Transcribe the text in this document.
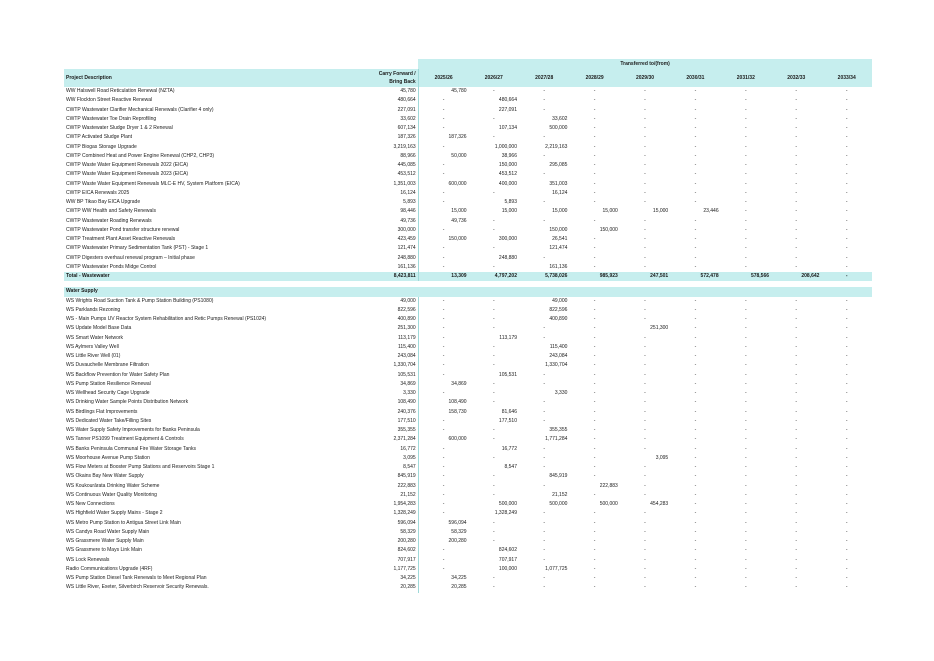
		Transferred to/(from)								
Project Description	Carry Forward / Bring Back	2025/26	2026/27	2027/28	2028/29	2029/30	2030/31	2031/32	2032/33	2033/34
WW Halswell Road Reticulation Renewal (NZTA)	45,780	45,780	-	-	-	-	-	-	-	-
WW Flockton Street Reactive Renewal	480,664	-	480,664	-	-	-	-	-	-	-
CWTP Wastewater Clarifier Mechanical Renewals (Clarifier 4 only)	227,091	-	227,091	-	-	-	-	-	-	-
CWTP Wastewater Toe Drain Reprofiling	33,602	-	-	33,602	-	-	-	-	-	-
CWTP Wastewater Sludge Dryer 1 & 2 Renewal	607,134	-	107,134	500,000	-	-	-	-	-	-
CWTP Activated Sludge Plant	187,326	187,326	-	-	-	-	-	-	-	-
CWTP Biogas Storage Upgrade	3,219,163	-	1,000,000	2,219,163	-	-	-	-	-	-
CWTP Combined Heat and Power Engine Renewal (CHP2, CHP3)	88,966	50,000	38,966	-	-	-	-	-	-	-
CWTP Waste Water Equipment Renewals 2022 (EICA)	445,085	-	150,000	295,085	-	-	-	-	-	-
CWTP Waste Water Equipment Renewals 2023 (EICA)	453,512	-	453,512	-	-	-	-	-	-	-
CWTP Waste Water Equipment Renewals MLC-E HV, System Platform (EICA)	1,351,003	600,000	400,000	351,003	-	-	-	-	-	-
CWTP EICA Renewals 2025	16,124	-	-	16,124	-	-	-	-	-	-
WW BP Tikao Bay EICA Upgrade	5,893	-	5,893	-	-	-	-	-	-	-
CWTP WW Health and Safety Renewals	98,446	15,000	15,000	15,000	15,000	15,000	23,446	-	-	-
CWTP Wastewater Roading Renewals	49,736	49,736	-	-	-	-	-	-	-	-
CWTP Wastewater Pond transfer structure renewal	300,000	-	-	150,000	150,000	-	-	-	-	-
CWTP Treatment Plant Asset Reactive Renewals	423,459	150,000	300,000	26,541	-	-	-	-	-	-
CWTP Wastewater Primary Sedimentation Tank (PST) - Stage 1	121,474	-	-	121,474	-	-	-	-	-	-
CWTP Digesters overhaul renewal program – Initial phase	248,880	-	248,880	-	-	-	-	-	-	-
CWTP Wastewater Ponds Midge Control	161,136	-	-	161,136	-	-	-	-	-	-
Total - Wastewater	8,423,811	13,309	4,797,202	5,738,026	985,923	247,501	572,478	578,566	208,642	-

Water Supply										
WS Wrights Road Suction Tank & Pump Station Building (PS1080)	49,000	-	-	49,000	-	-	-	-	-	-
WS Parklands Rezoning	822,596	-	-	822,596	-	-	-	-	-	-
WS - Main Pumps UV Reactor System Rehabilitation and Retic Pumps Renewal (PS1024)	400,890	-	-	400,890	-	-	-	-	-	-
WS Update Model Base Data	251,300	-	-	-	-	251,300	-	-	-	-
WS Smart Water Network	113,179	-	113,179	-	-	-	-	-	-	-
WS Aylmers Valley Well	115,400	-	-	115,400	-	-	-	-	-	-
WS Little River Well (01)	243,084	-	-	243,084	-	-	-	-	-	-
WS Duvauchelle Membrane Filtration	1,330,704	-	-	1,330,704	-	-	-	-	-	-
WS Backflow Prevention for Water Safety Plan	105,531	-	105,531	-	-	-	-	-	-	-
WS Pump Station Resilience Renewal	34,869	34,869	-	-	-	-	-	-	-	-
WS Wellhead Security Cage Upgrade	3,330	-	-	3,330	-	-	-	-	-	-
WS Drinking Water Sample Points Distribution Network	108,490	108,490	-	-	-	-	-	-	-	-
WS Birdlings Flat Improvements	240,376	158,730	81,646	-	-	-	-	-	-	-
WS Dedicated Water Take/Filling Sites	177,510	-	177,510	-	-	-	-	-	-	-
WS Water Supply Safety Improvements for Banks Peninsula	355,355	-	-	355,355	-	-	-	-	-	-
WS Tanner PS1099 Treatment Equipment & Controls	2,371,284	600,000	-	1,771,284	-	-	-	-	-	-
WS Banks Peninsula Communal Fire Water Storage Tanks	16,772	-	16,772	-	-	-	-	-	-	-
WS Moorhouse Avenue Pump Station	3,095	-	-	-	-	3,095	-	-	-	-
WS Flow Meters at Booster Pump Stations and Reservoirs Stage 1	8,547	-	8,547	-	-	-	-	-	-	-
WS Okains Bay New Water Supply	845,919	-	-	845,919	-	-	-	-	-	-
WS Koukourārata Drinking Water Scheme	222,883	-	-	-	222,883	-	-	-	-	-
WS Continuous Water Quality Monitoring	21,152	-	-	21,152	-	-	-	-	-	-
WS New Connections	1,954,283	-	500,000	500,000	500,000	454,283	-	-	-	-
WS Highfield Water Supply Mains - Stage 2	1,328,249	-	1,328,249	-	-	-	-	-	-	-
WS Metro Pump Station to Antigua Street Link Main	596,094	596,094	-	-	-	-	-	-	-	-
WS Candys Road Water Supply Main	58,329	58,329	-	-	-	-	-	-	-	-
WS Grassmere Water Supply Main	200,280	200,280	-	-	-	-	-	-	-	-
WS Grassmere to Mays Link Main	824,602	-	824,602	-	-	-	-	-	-	-
WS Lock Renewals	707,917	-	707,917	-	-	-	-	-	-	-
Radio Communications Upgrade (4RF)	1,177,725	-	100,000	1,077,725	-	-	-	-	-	-
WS Pump Station Diesel Tank Renewals to Meet Regional Plan	34,225	34,225	-	-	-	-	-	-	-	-
WS Little River, Exeter, Silverbirch Reservoir Security Renewals.	20,285	20,285	-	-	-	-	-	-	-	-
